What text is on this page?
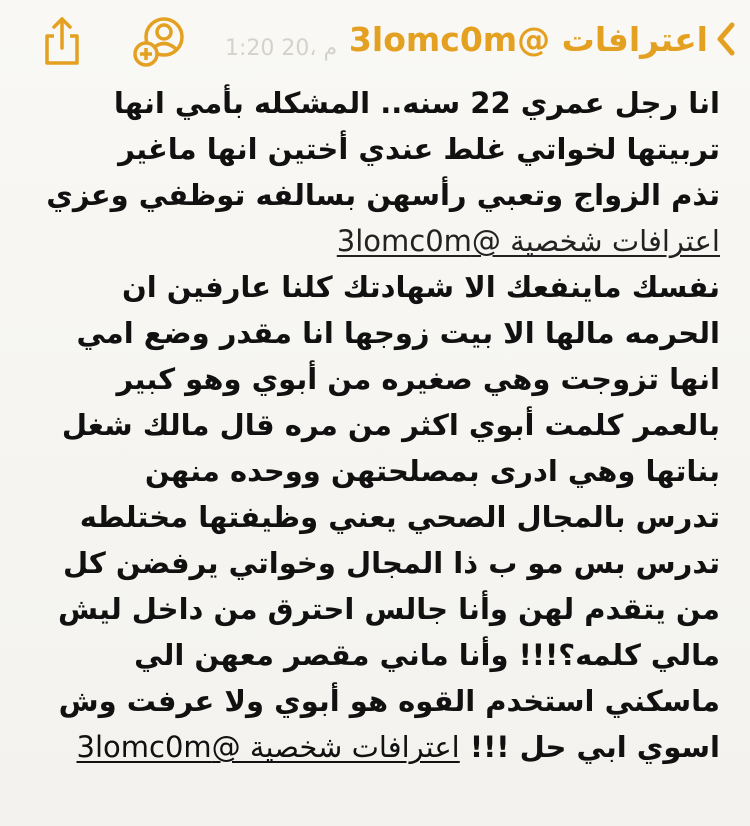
اعترافات @3lomc0m
1:20 م ،20
انا رجل عمري 22 سنه.. المشكله بأمي انها
تربيتها لخواتي غلط عندي أختين انها ماغير
تذم الزواج وتعبي رأسهن بسالفه توظفي وعزي
اعترافات شخصية @3lomc0m
نفسك ماينفعك الا شهادتك كلنا عارفين ان
الحرمه مالها الا بيت زوجها انا مقدر وضع امي
انها تزوجت وهي صغيره من أبوي وهو كبير
بالعمر كلمت أبوي اكثر من مره قال مالك شغل
بناتها وهي ادرى بمصلحتهن ووحده منهن
تدرس بالمجال الصحي يعني وظيفتها مختلطه
تدرس بس مو ب ذا المجال وخواتي يرفضن كل
من يتقدم لهن وأنا جالس احترق من داخل ليش
مالي كلمه؟!!! وأنا ماني مقصر معهن الي
ماسكني استخدم القوه هو أبوي ولا عرفت وش
اسوي ابي حل !!! اعترافات شخصية @3lomc0m
